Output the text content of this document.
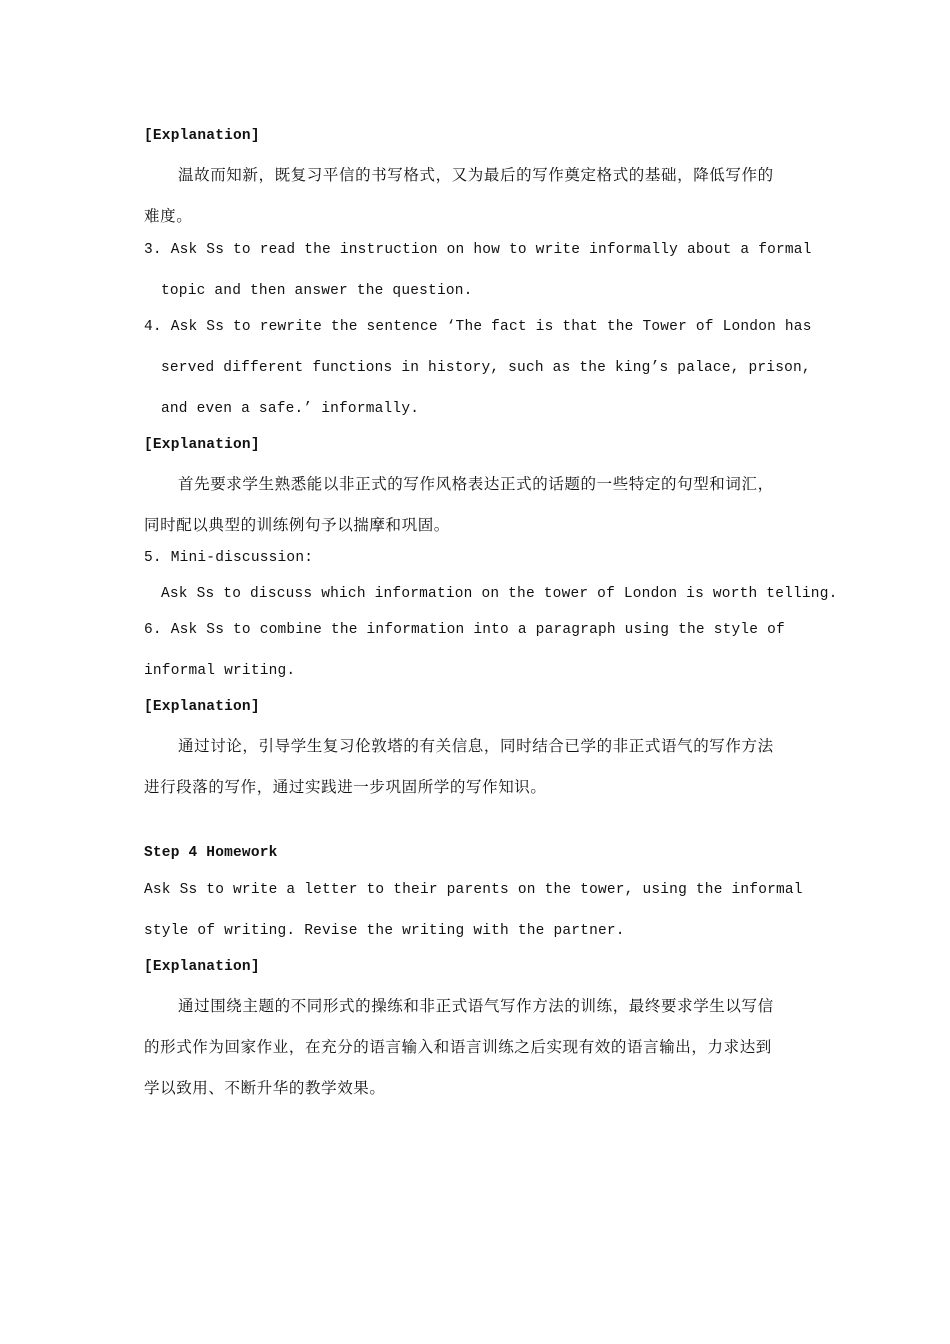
[Explanation]
温故而知新，既复习平信的书写格式，又为最后的写作奠定格式的基础，降低写作的
难度。
3. Ask Ss to read the instruction on how to write informally about a formal
topic and then answer the question.
4. Ask Ss to rewrite the sentence ‘The fact is that the Tower of London has
served different functions in history, such as the king’s palace, prison,
and even a safe.’ informally.
[Explanation]
首先要求学生熟悉能以非正式的写作风格表达正式的话题的一些特定的句型和词汇，
同时配以典型的训练例句予以揣摩和巩固。
5. Mini-discussion:
Ask Ss to discuss which information on the tower of London is worth telling.
6. Ask Ss to combine the information into a paragraph using the style of
informal writing.
[Explanation]
通过讨论，引导学生复习伦敦塔的有关信息，同时结合已学的非正式语气的写作方法
进行段落的写作，通过实践进一步巩固所学的写作知识。
Step 4 Homework
Ask Ss to write a letter to their parents on the tower, using the informal
style of writing. Revise the writing with the partner.
[Explanation]
通过围绕主题的不同形式的操练和非正式语气写作方法的训练，最终要求学生以写信
的形式作为回家作业，在充分的语言输入和语言训练之后实现有效的语言输出，力求达到
学以致用、不断升华的教学效果。
